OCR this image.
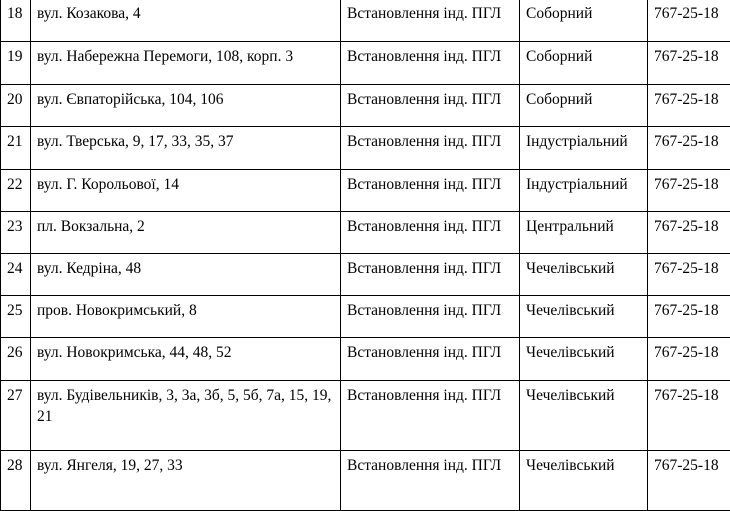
18	вул. Козакова, 4	Встановлення інд. ПГЛ	Соборний	767-25-18
19	вул. Набережна Перемоги, 108, корп. 3	Встановлення інд. ПГЛ	Соборний	767-25-18
20	вул. Євпаторійська, 104, 106	Встановлення інд. ПГЛ	Соборний	767-25-18
21	вул. Тверська, 9, 17, 33, 35, 37	Встановлення інд. ПГЛ	Індустріальний	767-25-18
22	вул. Г. Корольової, 14	Встановлення інд. ПГЛ	Індустріальний	767-25-18
23	пл. Вокзальна, 2	Встановлення інд. ПГЛ	Центральний	767-25-18
24	вул. Кедріна, 48	Встановлення інд. ПГЛ	Чечелівський	767-25-18
25	пров. Новокримський, 8	Встановлення інд. ПГЛ	Чечелівський	767-25-18
26	вул. Новокримська, 44, 48, 52	Встановлення інд. ПГЛ	Чечелівський	767-25-18
27	вул. Будівельників, 3, 3а, 3б, 5, 5б, 7а, 15, 19, 21	Встановлення інд. ПГЛ	Чечелівський	767-25-18
28	вул. Янгеля, 19, 27, 33	Встановлення інд. ПГЛ	Чечелівський	767-25-18
